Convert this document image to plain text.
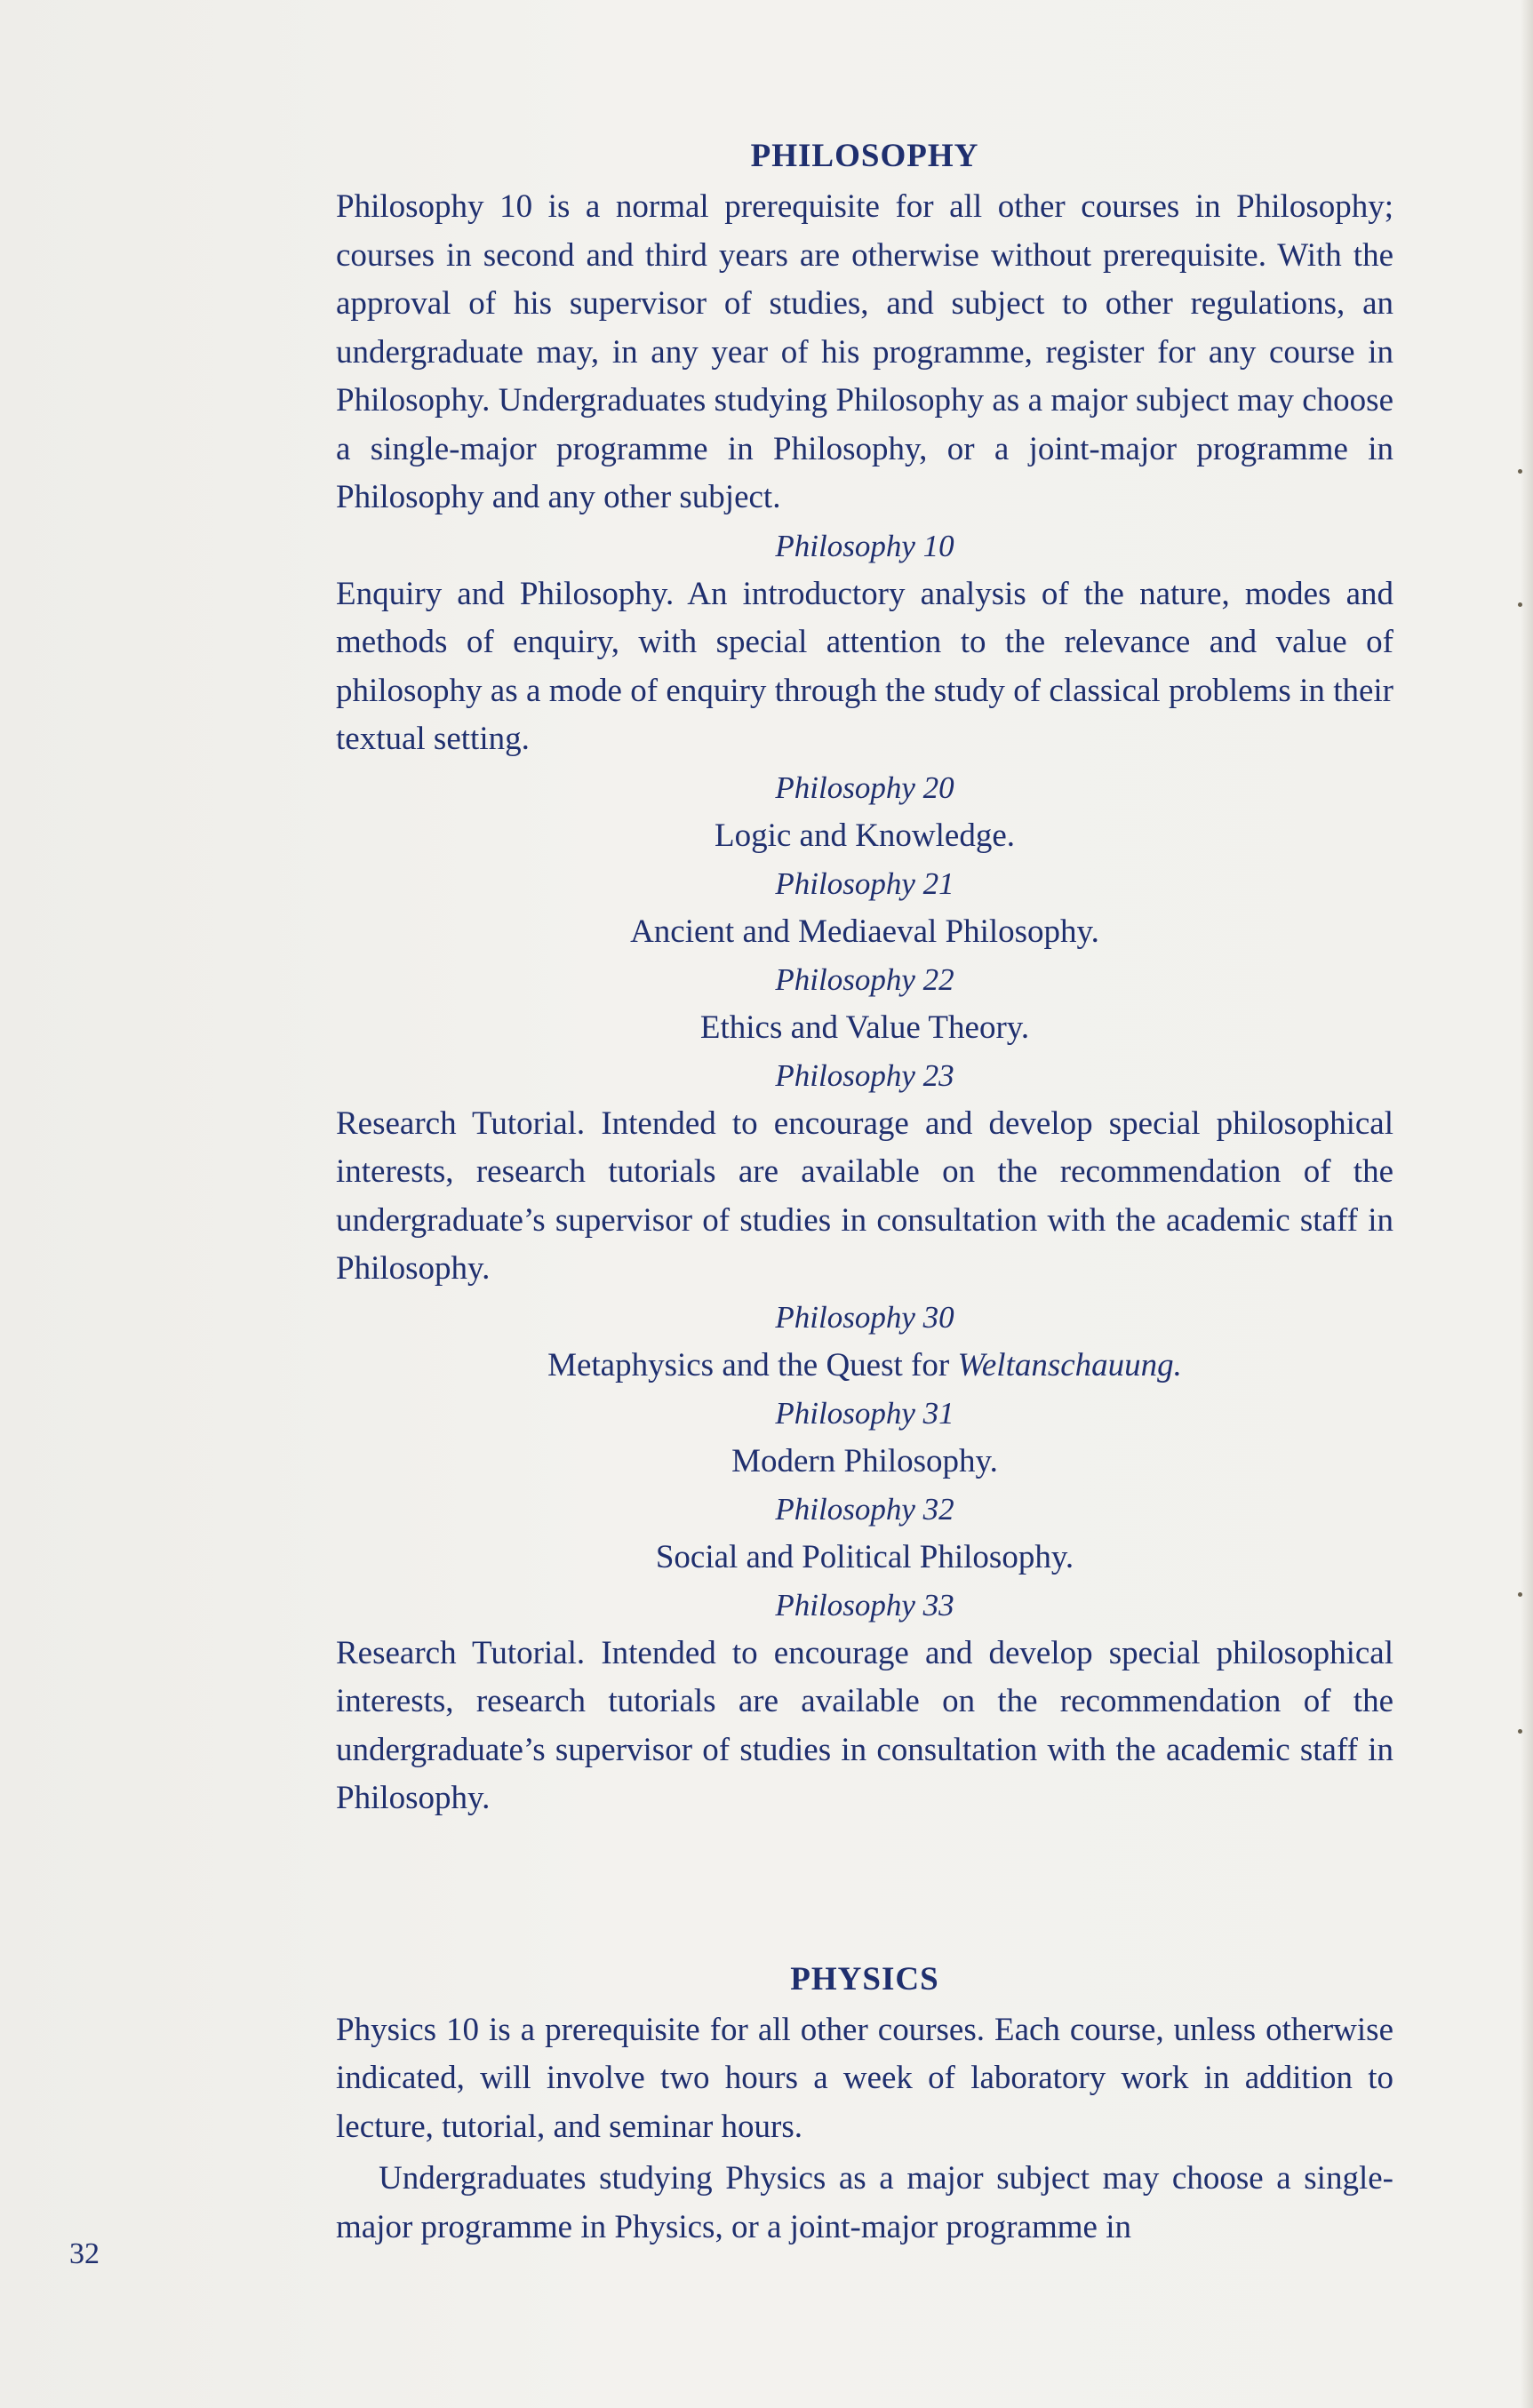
PHILOSOPHY

Philosophy 10 is a normal prerequisite for all other courses in Philosophy; courses in second and third years are otherwise without prerequisite. With the approval of his supervisor of studies, and subject to other regulations, an undergraduate may, in any year of his programme, register for any course in Philosophy. Undergraduates studying Philosophy as a major subject may choose a single-major programme in Philosophy, or a joint-major programme in Philosophy and any other subject.

Philosophy 10

Enquiry and Philosophy. An introductory analysis of the nature, modes and methods of enquiry, with special attention to the relevance and value of philosophy as a mode of enquiry through the study of classical problems in their textual setting.

Philosophy 20

Logic and Knowledge.

Philosophy 21

Ancient and Mediaeval Philosophy.

Philosophy 22

Ethics and Value Theory.

Philosophy 23

Research Tutorial. Intended to encourage and develop special philosophical interests, research tutorials are available on the recommendation of the undergraduate’s supervisor of studies in consultation with the academic staff in Philosophy.

Philosophy 30

Metaphysics and the Quest for Weltanschauung.

Philosophy 31

Modern Philosophy.

Philosophy 32

Social and Political Philosophy.

Philosophy 33

Research Tutorial. Intended to encourage and develop special philosophical interests, research tutorials are available on the recommendation of the undergraduate’s supervisor of studies in consultation with the academic staff in Philosophy.

PHYSICS

Physics 10 is a prerequisite for all other courses. Each course, unless otherwise indicated, will involve two hours a week of laboratory work in addition to lecture, tutorial, and seminar hours.

Undergraduates studying Physics as a major subject may choose a single-major programme in Physics, or a joint-major programme in

32
